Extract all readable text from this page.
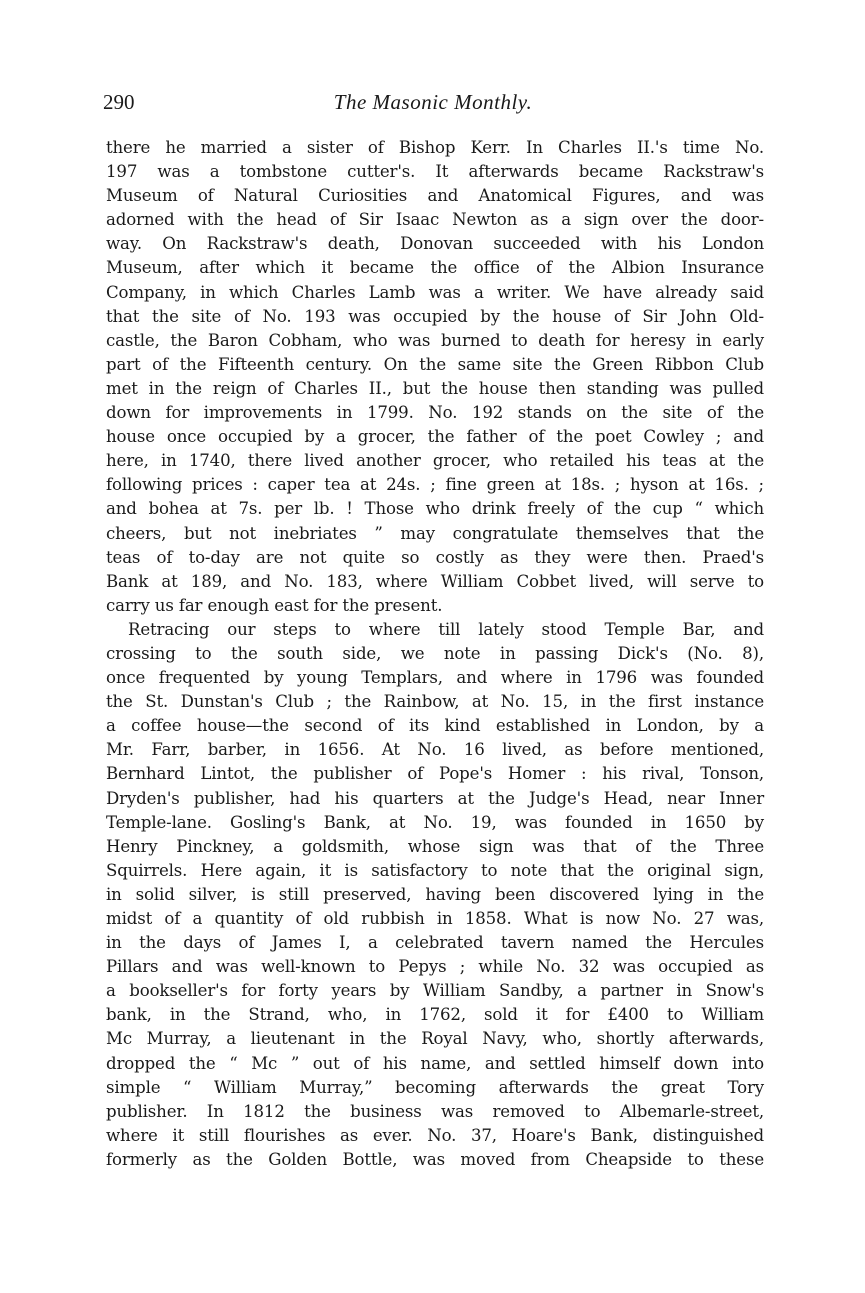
290	The Masonic Monthly.
there he married a sister of Bishop Kerr. In Charles II.'s time No.
197 was a tombstone cutter's. It afterwards became Rackstraw's
Museum of Natural Curiosities and Anatomical Figures, and was
adorned with the head of Sir Isaac Newton as a sign over the door-
way. On Rackstraw's death, Donovan succeeded with his London
Museum, after which it became the office of the Albion Insurance
Company, in which Charles Lamb was a writer. We have already said
that the site of No. 193 was occupied by the house of Sir John Old-
castle, the Baron Cobham, who was burned to death for heresy in early
part of the Fifteenth century. On the same site the Green Ribbon Club
met in the reign of Charles II., but the house then standing was pulled
down for improvements in 1799. No. 192 stands on the site of the
house once occupied by a grocer, the father of the poet Cowley ; and
here, in 1740, there lived another grocer, who retailed his teas at the
following prices : caper tea at 24s. ; fine green at 18s. ; hyson at 16s. ;
and bohea at 7s. per lb. ! Those who drink freely of the cup “ which
cheers, but not inebriates ” may congratulate themselves that the
teas of to-day are not quite so costly as they were then. Praed's
Bank at 189, and No. 183, where William Cobbet lived, will serve to
carry us far enough east for the present.
Retracing our steps to where till lately stood Temple Bar, and
crossing to the south side, we note in passing Dick's (No. 8),
once frequented by young Templars, and where in 1796 was founded
the St. Dunstan's Club ; the Rainbow, at No. 15, in the first instance
a coffee house—the second of its kind established in London, by a
Mr. Farr, barber, in 1656. At No. 16 lived, as before mentioned,
Bernhard Lintot, the publisher of Pope's Homer : his rival, Tonson,
Dryden's publisher, had his quarters at the Judge's Head, near Inner
Temple-lane. Gosling's Bank, at No. 19, was founded in 1650 by
Henry Pinckney, a goldsmith, whose sign was that of the Three
Squirrels. Here again, it is satisfactory to note that the original sign,
in solid silver, is still preserved, having been discovered lying in the
midst of a quantity of old rubbish in 1858. What is now No. 27 was,
in the days of James I, a celebrated tavern named the Hercules
Pillars and was well-known to Pepys ; while No. 32 was occupied as
a bookseller's for forty years by William Sandby, a partner in Snow's
bank, in the Strand, who, in 1762, sold it for £400 to William
Mc Murray, a lieutenant in the Royal Navy, who, shortly afterwards,
dropped the “ Mc ” out of his name, and settled himself down into
simple “ William Murray,” becoming afterwards the great Tory
publisher. In 1812 the business was removed to Albemarle-street,
where it still flourishes as ever. No. 37, Hoare's Bank, distinguished
formerly as the Golden Bottle, was moved from Cheapside to these
